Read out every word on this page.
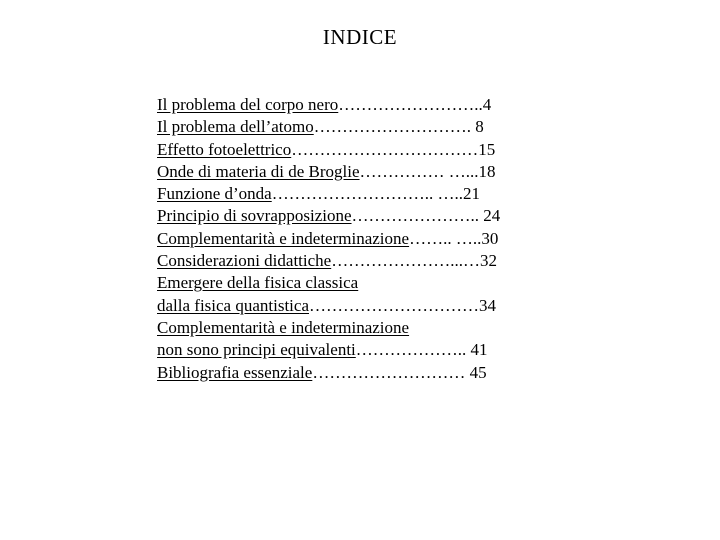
INDICE
Il problema del corpo nero……………………..4
Il problema dell’atomo………………………. 8
Effetto fotoelettrico……………………………15
Onde di materia di de Broglie…………… …...18
Funzione d’onda……………………….. …..21
Principio di sovrapposizione………………….. 24
Complementarità e indeterminazione…….. …..30
Considerazioni didattiche…………………...…32
Emergere della fisica classica
dalla fisica quantistica…………………………34
Complementarità e indeterminazione
non sono principi equivalenti……………….. 41
Bibliografia essenziale……………………… 45
